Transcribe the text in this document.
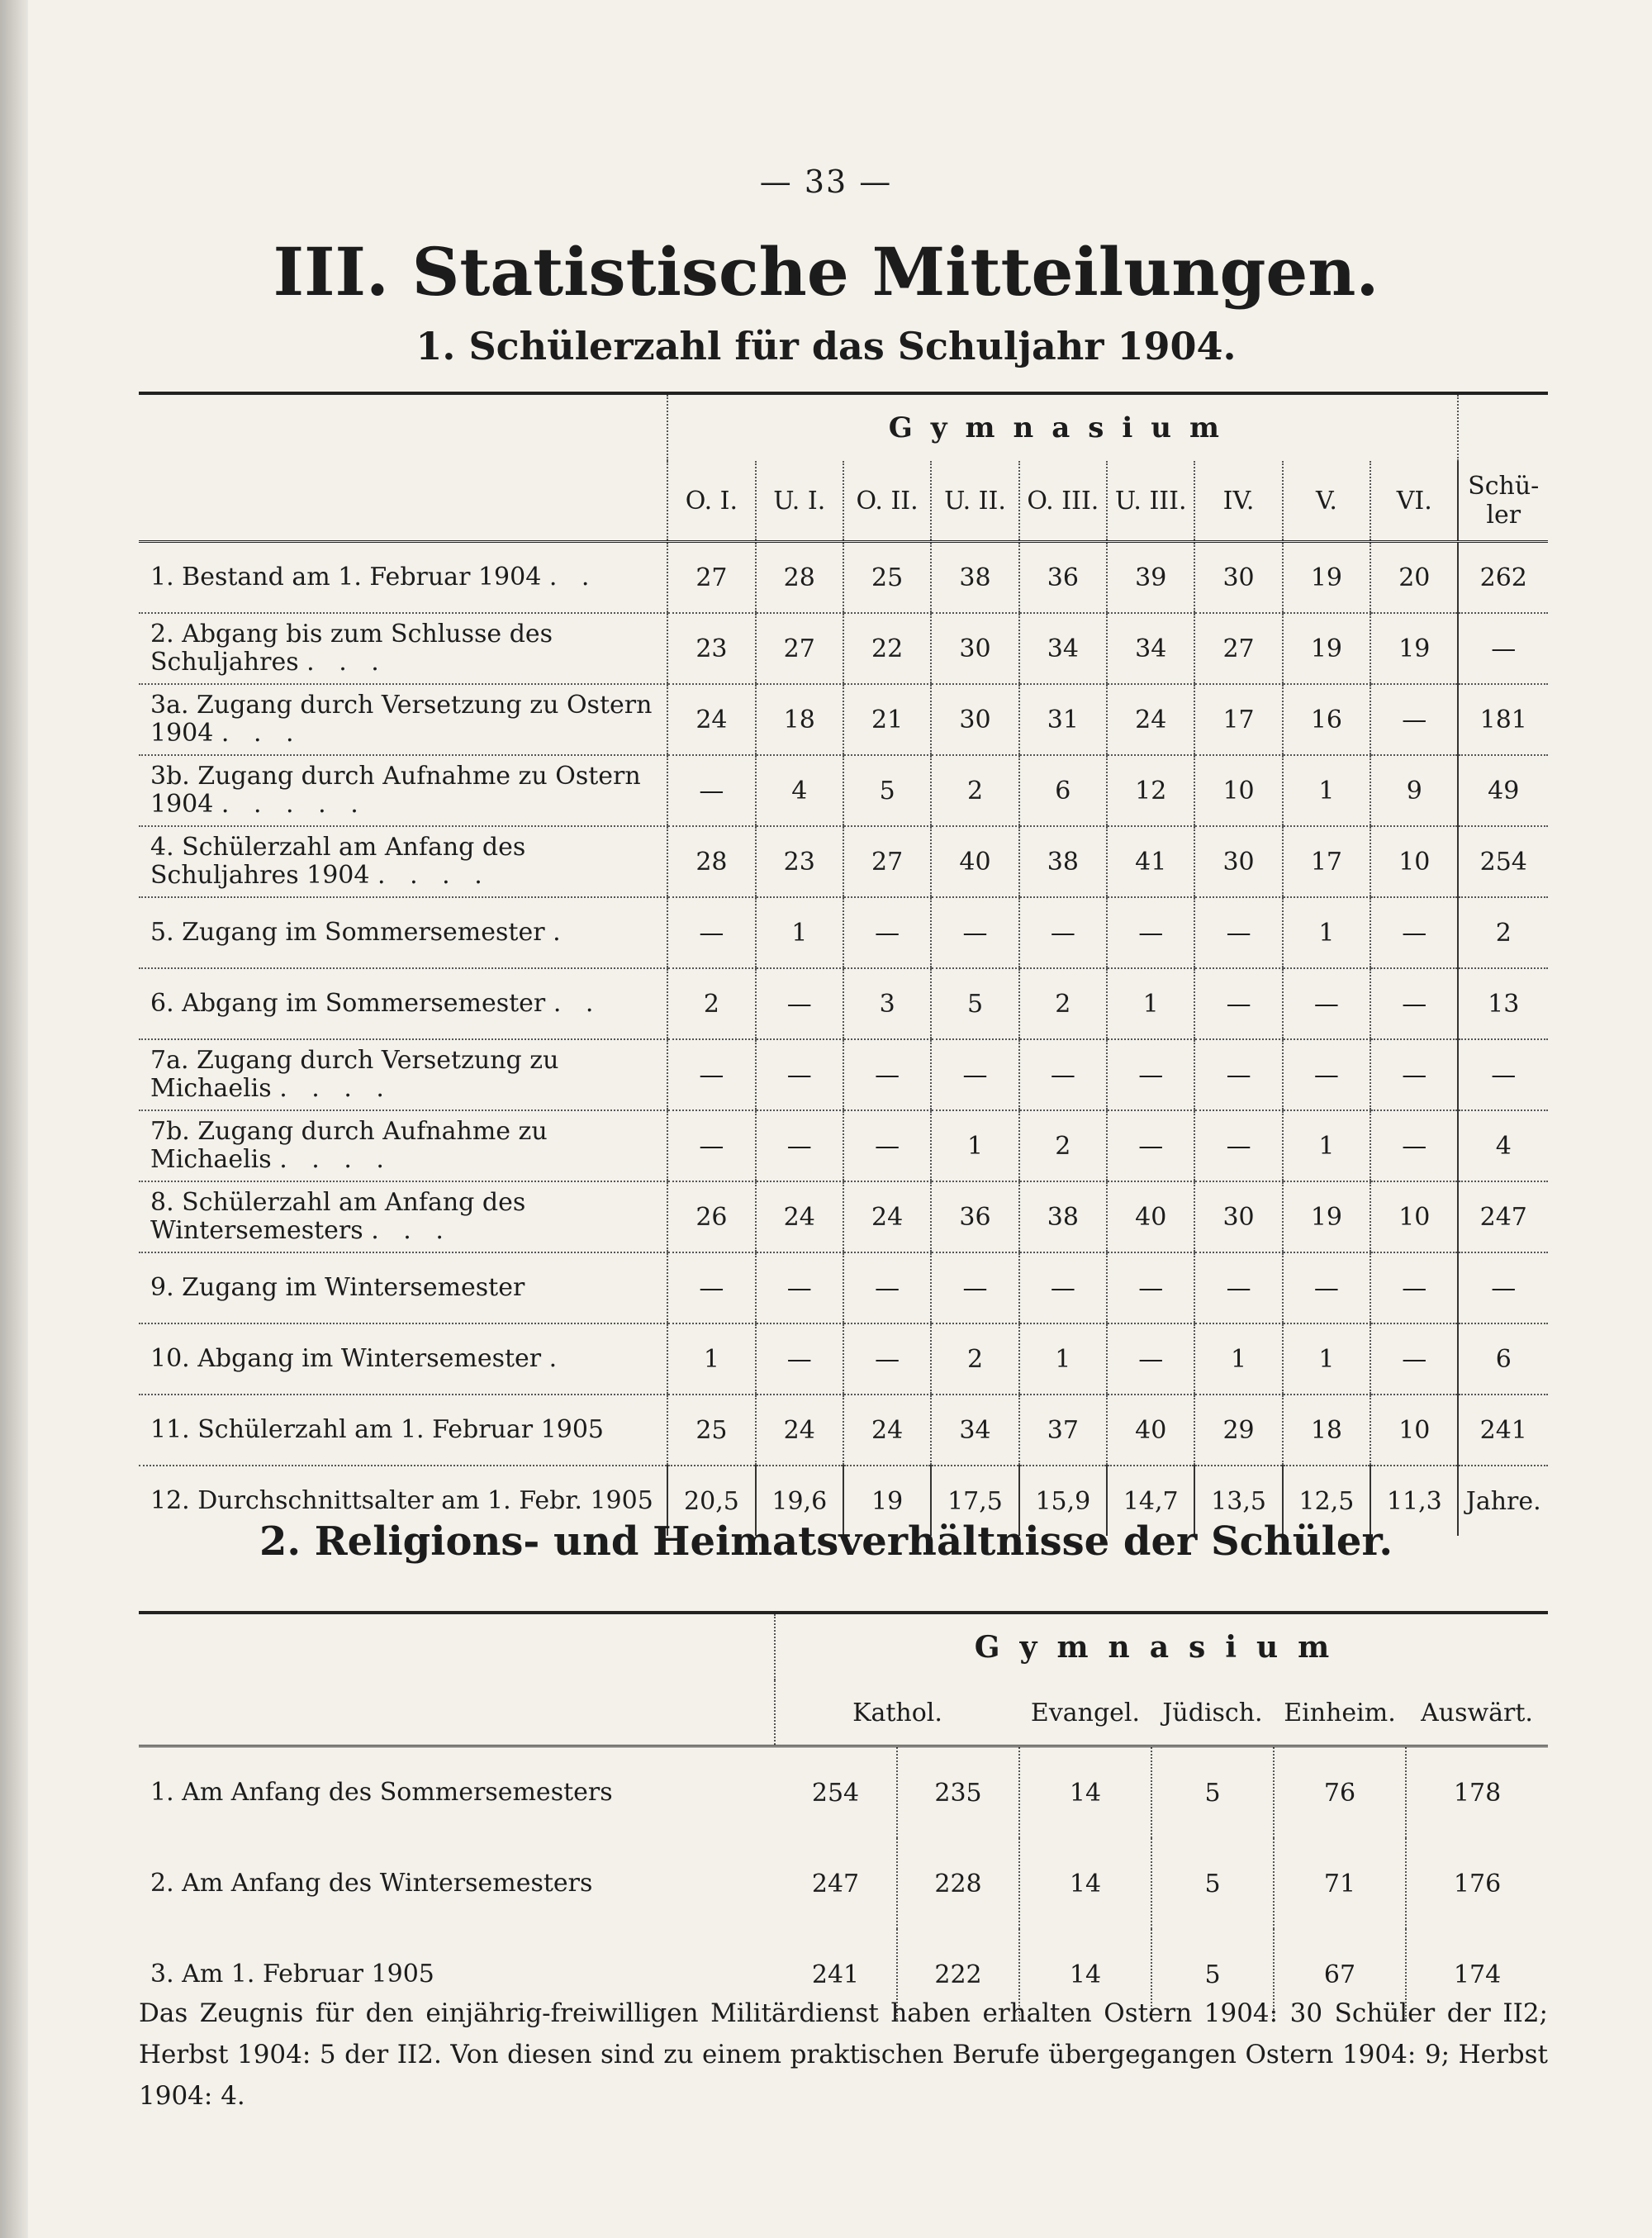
— 33 —
III. Statistische Mitteilungen.
1. Schülerzahl für das Schuljahr 1904.
	Gymnasium									
	O. I.	U. I.	O. II.	U. II.	O. III.	U. III.	IV.	V.	VI.	Schü-ler
1. Bestand am 1. Februar 1904 . .	27	28	25	38	36	39	30	19	20	262
2. Abgang bis zum Schlusse des Schuljahres . . .	23	27	22	30	34	34	27	19	19	—
3a. Zugang durch Versetzung zu Ostern 1904 . . .	24	18	21	30	31	24	17	16	—	181
3b. Zugang durch Aufnahme zu Ostern 1904 . . . . .	—	4	5	2	6	12	10	1	9	49
4. Schülerzahl am Anfang des Schuljahres 1904 . . . .	28	23	27	40	38	41	30	17	10	254
5. Zugang im Sommersemester .	—	1	—	—	—	—	—	1	—	2
6. Abgang im Sommersemester . .	2	—	3	5	2	1	—	—	—	13
7a. Zugang durch Versetzung zu Michaelis . . . .	—	—	—	—	—	—	—	—	—	—
7b. Zugang durch Aufnahme zu Michaelis . . . .	—	—	—	1	2	—	—	1	—	4
8. Schülerzahl am Anfang des Wintersemesters . . .	26	24	24	36	38	40	30	19	10	247
9. Zugang im Wintersemester	—	—	—	—	—	—	—	—	—	—
10. Abgang im Wintersemester .	1	—	—	2	1	—	1	1	—	6
11. Schülerzahl am 1. Februar 1905	25	24	24	34	37	40	29	18	10	241
12. Durchschnittsalter am 1. Febr. 1905	20,5	19,6	19	17,5	15,9	14,7	13,5	12,5	11,3	Jahre.
2. Religions- und Heimatsverhältnisse der Schüler.
	Gymnasium					
	Kathol.		Evangel.	Jüdisch.	Einheim.	Auswärt.
1. Am Anfang des Sommersemesters	254	235	14	5	76	178
2. Am Anfang des Wintersemesters	247	228	14	5	71	176
3. Am 1. Februar 1905	241	222	14	5	67	174
Das Zeugnis für den einjährig-freiwilligen Militärdienst haben erhalten Ostern 1904: 30 Schüler der II2; Herbst 1904: 5 der II2. Von diesen sind zu einem praktischen Berufe übergegangen Ostern 1904: 9; Herbst 1904: 4.
